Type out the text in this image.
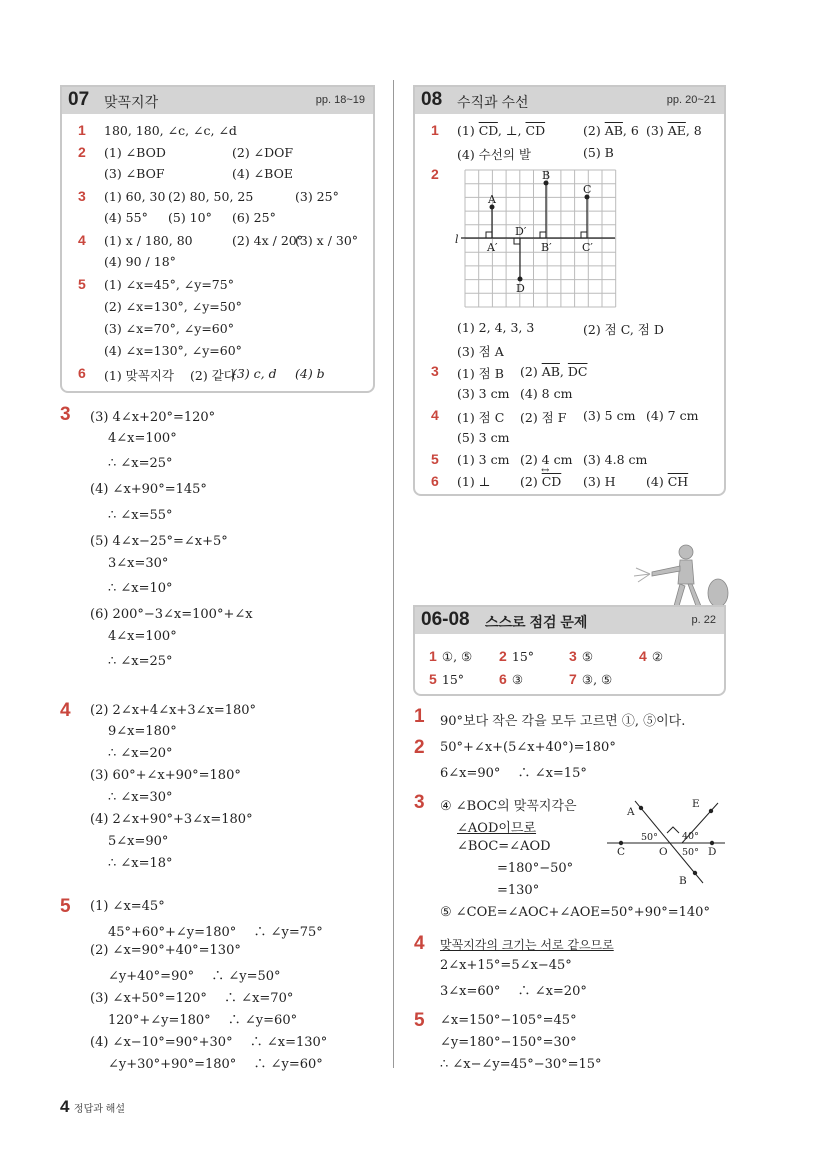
07 맞꼭지각	pp. 18~19
1 180, 180, ∠c, ∠c, ∠d
2 (1) ∠BOD	(2) ∠DOF
(3) ∠BOF	(4) ∠BOE
3 (1) 60, 30 (2) 80, 50, 25	(3) 25°
(4) 55° (5) 10° (6) 25°
4 (1) x / 180, 80	(2) 4x / 20°
(3) x / 30°
(4) 90 / 18°
5 (1) ∠x=45°, ∠y=75°
(2) ∠x=130°, ∠y=50°
(3) ∠x=70°, ∠y=60°
(4) ∠x=130°, ∠y=60°
6 (1) 맞꼭지각 (2) 같다
(3) c, d (4) b
3 (3) 4∠x+20°=120°
4∠x=100°
∴ ∠x=25°
(4) ∠x+90°=145°
∴ ∠x=55°
(5) 4∠x−25°=∠x+5°
3∠x=30°
∴ ∠x=10°
(6) 200°−3∠x=100°+∠x
4∠x=100°
∴ ∠x=25°
4 (2) 2∠x+4∠x+3∠x=180°
9∠x=180°
∴ ∠x=20°
(3) 60°+∠x+90°=180°
∴ ∠x=30°
(4) 2∠x+90°+3∠x=180°
5∠x=90°
∴ ∠x=18°
5 (1) ∠x=45°
45°+60°+∠y=180°　 ∴ ∠y=75°
(2) ∠x=90°+40°=130°
∠y+40°=90°　 ∴ ∠y=50°
(3) ∠x+50°=120°　 ∴ ∠x=70°
120°+∠y=180°　 ∴ ∠y=60°
(4) ∠x−10°=90°+30°　 ∴ ∠x=130°
∠y+30°+90°=180°　 ∴ ∠y=60°
08 수직과 수선	pp. 20~21
1 (1) $\overline{CD}$, ⊥, $\overline{CD}$	(2) $\overline{AB}$, 6 (3) $\overline{AE}$, 8
(4) 수선의 발	(5) B
2
l
A
B
C
D
A′	B′	C′
D′
(1) 2, 4, 3, 3	(2) 점 C, 점 D
(3) 점 A
3 (1) 점 B (2) $\overline{AB}$, $\overline{DC}$
(3) 3 cm (4) 8 cm
4 (1) 점 C (2) 점 F (3) 5 cm (4) 7 cm
(5) 3 cm
5 (1) 3 cm (2) 4 cm (3) 4.8 cm
6 (1) ⊥ (2) $\overline{CD}$
↔
(3) H (4) $\overline{CH}$
06-08 스스로 점검 문제	p. 22
1 ①, ⑤ 2 15° 3 ⑤	4 ②
5 15° 6 ③	7 ③, ⑤
1 90°보다 작은 각을 모두 고르면 ①, ⑤이다.
2 50°+∠x+(5∠x+40°)=180°
6∠x=90°　 ∴ ∠x=15°
3 ④ ∠BOC의 맞꼭지각은
∠AOD이므로
∠BOC=∠AOD
=180°−50°
=130°
⑤ ∠COE=∠AOC+∠AOE=50°+90°=140°
A
E
C	O	D
B
50°	40°
50°
4 맞꼭지각의 크기는 서로 같으므로
2∠x+15°=5∠x−45°
3∠x=60°　 ∴ ∠x=20°
5 ∠x=150°−105°=45°
∠y=180°−150°=30°
∴ ∠x−∠y=45°−30°=15°
4 정답과 해설
